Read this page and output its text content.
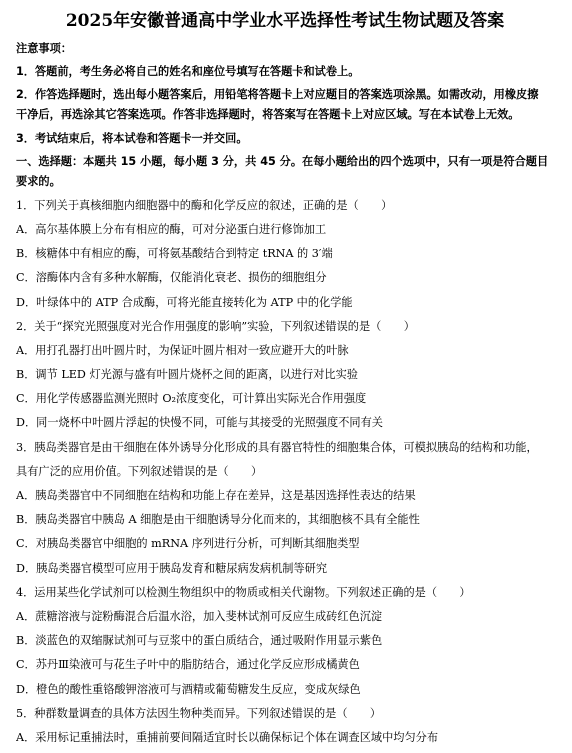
2025年安徽普通高中学业水平选择性考试生物试题及答案

注意事项：

1．答题前，考生务必将自己的姓名和座位号填写在答题卡和试卷上。

2．作答选择题时，选出每小题答案后，用铅笔将答题卡上对应题目的答案选项涂黑。如需改动，用橡皮擦

干净后，再选涂其它答案选项。作答非选择题时，将答案写在答题卡上对应区域。写在本试卷上无效。

3．考试结束后，将本试卷和答题卡一并交回。

一、选择题：本题共 15 小题，每小题 3 分，共 45 分。在每小题给出的四个选项中，只有一项是符合题目

要求的。

1．下列关于真核细胞内细胞器中的酶和化学反应的叙述，正确的是（　　）

A．高尔基体膜上分布有相应的酶，可对分泌蛋白进行修饰加工

B．核糖体中有相应的酶，可将氨基酸结合到特定 tRNA 的 3′端

C．溶酶体内含有多种水解酶，仅能消化衰老、损伤的细胞组分

D．叶绿体中的 ATP 合成酶，可将光能直接转化为 ATP 中的化学能

2．关于“探究光照强度对光合作用强度的影响”实验，下列叙述错误的是（　　）

A．用打孔器打出叶圆片时，为保证叶圆片相对一致应避开大的叶脉

B．调节 LED 灯光源与盛有叶圆片烧杯之间的距离，以进行对比实验

C．用化学传感器监测光照时 O₂浓度变化，可计算出实际光合作用强度

D．同一烧杯中叶圆片浮起的快慢不同，可能与其接受的光照强度不同有关

3．胰岛类器官是由干细胞在体外诱导分化形成的具有器官特性的细胞集合体，可模拟胰岛的结构和功能，

具有广泛的应用价值。下列叙述错误的是（　　）

A．胰岛类器官中不同细胞在结构和功能上存在差异，这是基因选择性表达的结果

B．胰岛类器官中胰岛 A 细胞是由干细胞诱导分化而来的，其细胞核不具有全能性

C．对胰岛类器官中细胞的 mRNA 序列进行分析，可判断其细胞类型

D．胰岛类器官模型可应用于胰岛发育和糖尿病发病机制等研究

4．运用某些化学试剂可以检测生物组织中的物质或相关代谢物。下列叙述正确的是（　　）

A．蔗糖溶液与淀粉酶混合后温水浴，加入斐林试剂可反应生成砖红色沉淀

B．淡蓝色的双缩脲试剂可与豆浆中的蛋白质结合，通过吸附作用显示紫色

C．苏丹Ⅲ染液可与花生子叶中的脂肪结合，通过化学反应形成橘黄色

D．橙色的酸性重铬酸钾溶液可与酒精或葡萄糖发生反应，变成灰绿色

5．种群数量调查的具体方法因生物种类而异。下列叙述错误的是（　　）

A．采用标记重捕法时，重捕前要间隔适宜时长以确保标记个体在调查区域中均匀分布
